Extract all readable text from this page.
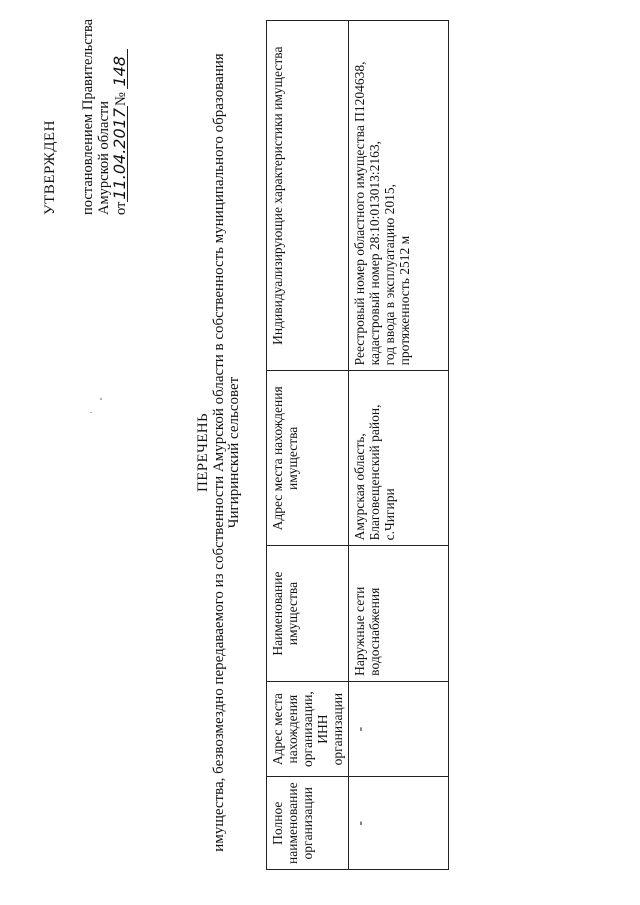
УТВЕРЖДЕН постановлением Правительства Амурской области от11.04.2017№ 148
ПЕРЕЧЕНЬ имущества, безвозмездно передаваемого из собственности Амурской области в собственность муниципального образования Чигиринский сельсовет
Полное наименование организации	Адрес места нахождения организации, ИНН организации	Наименование имущества	Адрес места нахождения имущества	Индивидуализирующие характеристики имущества
-	-	Наружные сети водоснабжения	Амурская область, Благовещенский район, с.Чигири	Реестровый номер областного имущества П1204638, кадастровый номер 28:10:013013:2163, год ввода в эксплуатацию 2015, протяженность 2512 м
